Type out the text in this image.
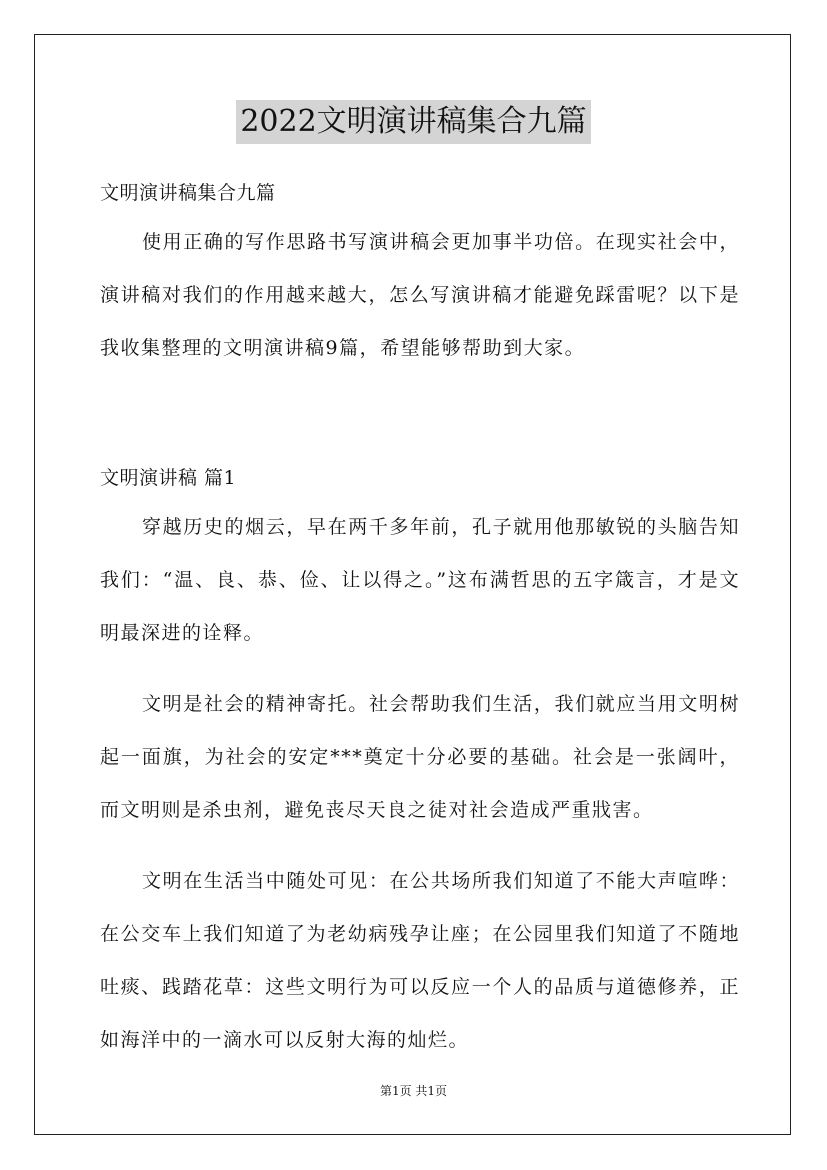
2022文明演讲稿集合九篇
文明演讲稿集合九篇

使用正确的写作思路书写演讲稿会更加事半功倍。在现实社会中，演讲稿对我们的作用越来越大，怎么写演讲稿才能避免踩雷呢？以下是我收集整理的文明演讲稿9篇，希望能够帮助到大家。

文明演讲稿 篇1

穿越历史的烟云，早在两千多年前，孔子就用他那敏锐的头脑告知我们：“温、良、恭、俭、让以得之。”这布满哲思的五字箴言，才是文明最深进的诠释。

文明是社会的精神寄托。社会帮助我们生活，我们就应当用文明树起一面旗，为社会的安定***奠定十分必要的基础。社会是一张阔叶，而文明则是杀虫剂，避免丧尽天良之徒对社会造成严重戕害。

文明在生活当中随处可见：在公共场所我们知道了不能大声喧哗：在公交车上我们知道了为老幼病残孕让座；在公园里我们知道了不随地吐痰、践踏花草：这些文明行为可以反应一个人的品质与道德修养，正如海洋中的一滴水可以反射大海的灿烂。

第1页 共1页
